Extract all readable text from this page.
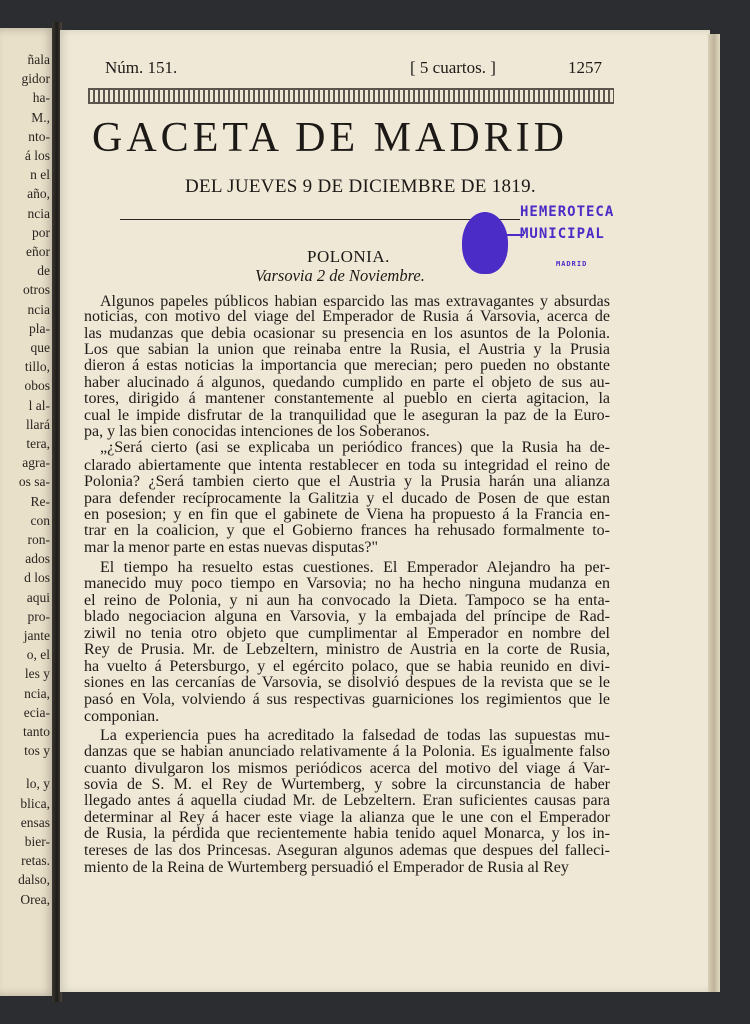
ñala
gidor
ha-
M.,
nto-
á los
n el
año,
ncia
por
eñor
de
otros
ncia
pla-
que
tillo,
obos
l al-
llará
tera,
agra-
os sa-
Re-
con
ron-
ados
d los
aqui
pro-
jante
o, el
les y
ncia,
ecia-
tanto
tos y
lo, y
blica,
ensas
bier-
retas.
dalso,
Orea,
Núm. 151.	[ 5 cuartos. ]	1257
GACETA DE MADRID
DEL JUEVES 9 DE DICIEMBRE DE 1819.
HEMEROTECA
MUNICIPAL
MADRID
POLONIA.
Varsovia 2 de Noviembre.
Algunos papeles públicos habian esparcido las mas extravagantes y absurdas
noticias, con motivo del viage del Emperador de Rusia á Varsovia, acerca de
las mudanzas que debia ocasionar su presencia en los asuntos de la Polonia.
Los que sabian la union que reinaba entre la Rusia, el Austria y la Prusia
dieron á estas noticias la importancia que merecian; pero pueden no obstante
haber alucinado á algunos, quedando cumplido en parte el objeto de sus au-
tores, dirigido á mantener constantemente al pueblo en cierta agitacion, la
cual le impide disfrutar de la tranquilidad que le aseguran la paz de la Euro-
pa, y las bien conocidas intenciones de los Soberanos.
„¿Será cierto (asi se explicaba un periódico frances) que la Rusia ha de-
clarado abiertamente que intenta restablecer en toda su integridad el reino de
Polonia? ¿Será tambien cierto que el Austria y la Prusia harán una alianza
para defender recíprocamente la Galitzia y el ducado de Posen de que estan
en posesion; y en fin que el gabinete de Viena ha propuesto á la Francia en-
trar en la coalicion, y que el Gobierno frances ha rehusado formalmente to-
mar la menor parte en estas nuevas disputas?"
El tiempo ha resuelto estas cuestiones. El Emperador Alejandro ha per-
manecido muy poco tiempo en Varsovia; no ha hecho ninguna mudanza en
el reino de Polonia, y ni aun ha convocado la Dieta. Tampoco se ha enta-
blado negociacion alguna en Varsovia, y la embajada del príncipe de Rad-
ziwil no tenia otro objeto que cumplimentar al Emperador en nombre del
Rey de Prusia. Mr. de Lebzeltern, ministro de Austria en la corte de Rusia,
ha vuelto á Petersburgo, y el egército polaco, que se habia reunido en divi-
siones en las cercanías de Varsovia, se disolvió despues de la revista que se le
pasó en Vola, volviendo á sus respectivas guarniciones los regimientos que le
componian.
La experiencia pues ha acreditado la falsedad de todas las supuestas mu-
danzas que se habian anunciado relativamente á la Polonia. Es igualmente falso
cuanto divulgaron los mismos periódicos acerca del motivo del viage á Var-
sovia de S. M. el Rey de Wurtemberg, y sobre la circunstancia de haber
llegado antes á aquella ciudad Mr. de Lebzeltern. Eran suficientes causas para
determinar al Rey á hacer este viage la alianza que le une con el Emperador
de Rusia, la pérdida que recientemente habia tenido aquel Monarca, y los in-
tereses de las dos Princesas. Aseguran algunos ademas que despues del falleci-
miento de la Reina de Wurtemberg persuadió el Emperador de Rusia al Rey
